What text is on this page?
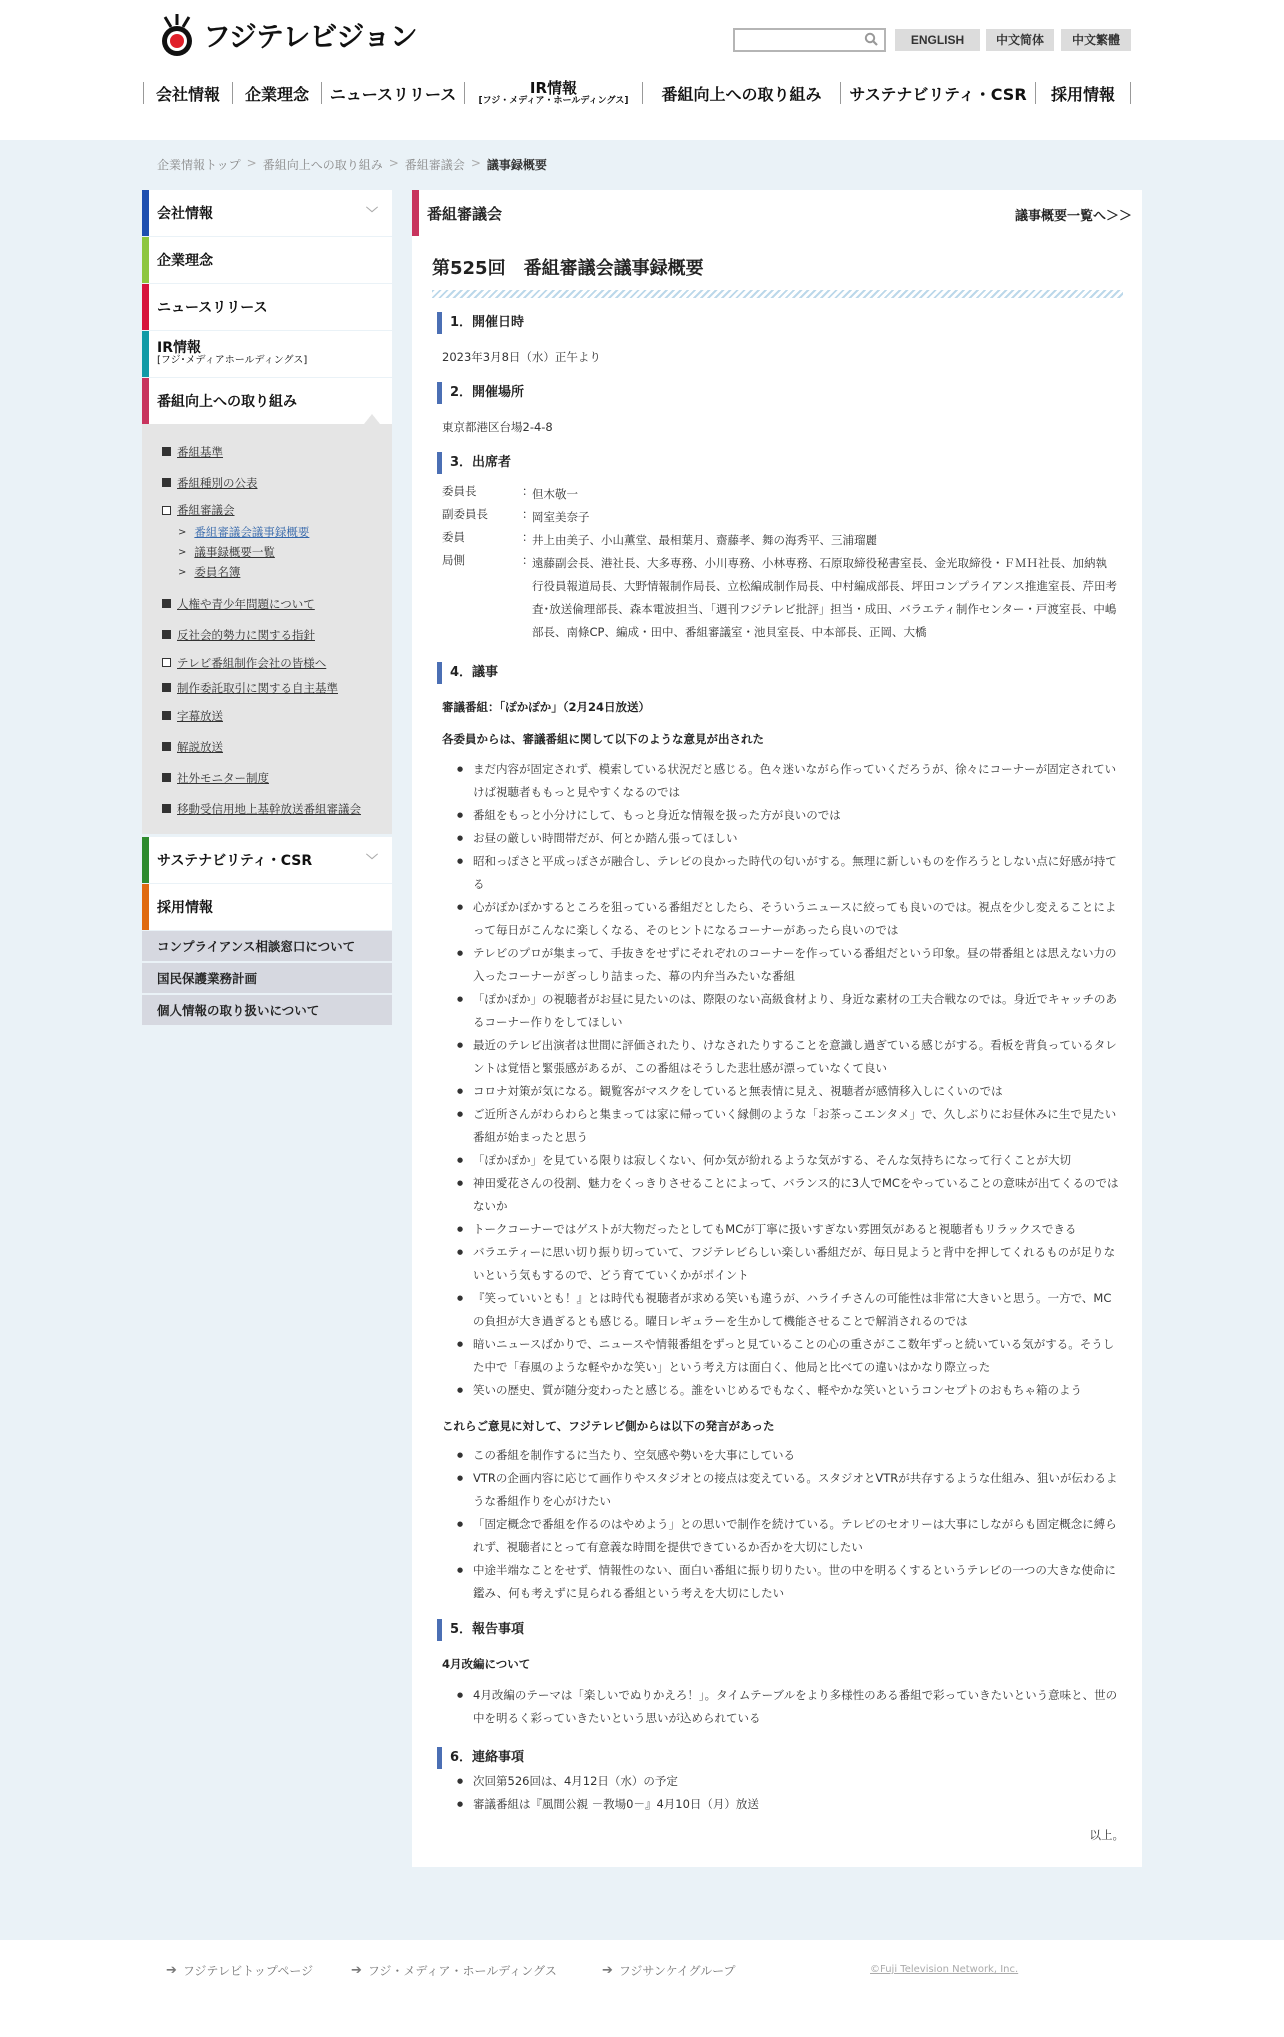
フジテレビジョン	ENGLISH	中文简体	中文繁體
会社情報 企業理念 ニュースリリース	IR情報
[フジ・メディア・ホールディングス] 番組向上への取り組み サステナビリティ・CSR 採用情報
企業情報トップ > 番組向上への取り組み > 番組審議会 > 議事録概要
会社情報	﹀
企業理念
ニュースリリース
IR情報
[フジ･メディアホールディングス]
番組向上への取り組み
番組基準
番組種別の公表
番組審議会
> 番組審議会議事録概要
> 議事録概要一覧
> 委員名簿
人権や青少年問題について
反社会的勢力に関する指針
テレビ番組制作会社の皆様へ
制作委託取引に関する自主基準
字幕放送
解説放送
社外モニター制度
移動受信用地上基幹放送番組審議会
サステナビリティ・CSR	﹀
採用情報
コンプライアンス相談窓口について
国民保護業務計画
個人情報の取り扱いについて
番組審議会	議事概要一覧へ＞＞
第525回　番組審議会議事録概要
1．開催日時
2023年3月8日（水）正午より
2．開催場所
東京都港区台場2-4-8
3．出席者
委員長	：
但木敬一
副委員長	：
岡室美奈子
委員	：
井上由美子、小山薫堂、最相葉月、齋藤孝、舞の海秀平、三浦瑠麗
局側	：
遠藤副会長、港社長、大多専務、小川専務、小林専務、石原取締役秘書室長、金光取締役・ＦＭＨ社長、加納執行役員報道局長、大野情報制作局長、立松編成制作局長、中村編成部長、坪田コンプライアンス推進室長、芹田考査･放送倫理部長、森本電波担当、「週刊フジテレビ批評」担当・成田、バラエティ制作センター・戸渡室長、中嶋部長、南條CP、編成・田中、番組審議室・池貝室長、中本部長、正岡、大橋
4．議事
審議番組：「ぽかぽか」（2月24日放送）
各委員からは、審議番組に関して以下のような意見が出された
● まだ内容が固定されず、模索している状況だと感じる。色々迷いながら作っていくだろうが、徐々にコーナーが固定されていけば視聴者ももっと見やすくなるのでは
● 番組をもっと小分けにして、もっと身近な情報を扱った方が良いのでは
● お昼の厳しい時間帯だが、何とか踏ん張ってほしい
● 昭和っぽさと平成っぽさが融合し、テレビの良かった時代の匂いがする。無理に新しいものを作ろうとしない点に好感が持てる
● 心がぽかぽかするところを狙っている番組だとしたら、そういうニュースに絞っても良いのでは。視点を少し変えることによって毎日がこんなに楽しくなる、そのヒントになるコーナーがあったら良いのでは
● テレビのプロが集まって、手抜きをせずにそれぞれのコーナーを作っている番組だという印象。昼の帯番組とは思えない力の入ったコーナーがぎっしり詰まった、幕の内弁当みたいな番組
● 「ぽかぽか」の視聴者がお昼に見たいのは、際限のない高級食材より、身近な素材の工夫合戦なのでは。身近でキャッチのあるコーナー作りをしてほしい
● 最近のテレビ出演者は世間に評価されたり、けなされたりすることを意識し過ぎている感じがする。看板を背負っているタレントは覚悟と緊張感があるが、この番組はそうした悲壮感が漂っていなくて良い
● コロナ対策が気になる。観覧客がマスクをしていると無表情に見え、視聴者が感情移入しにくいのでは
● ご近所さんがわらわらと集まっては家に帰っていく縁側のような「お茶っこエンタメ」で、久しぶりにお昼休みに生で見たい番組が始まったと思う
● 「ぽかぽか」を見ている限りは寂しくない、何か気が紛れるような気がする、そんな気持ちになって行くことが大切
● 神田愛花さんの役割、魅力をくっきりさせることによって、バランス的に3人でMCをやっていることの意味が出てくるのではないか
● トークコーナーではゲストが大物だったとしてもMCが丁寧に扱いすぎない雰囲気があると視聴者もリラックスできる
● バラエティーに思い切り振り切っていて、フジテレビらしい楽しい番組だが、毎日見ようと背中を押してくれるものが足りないという気もするので、どう育てていくかがポイント
● 『笑っていいとも！』とは時代も視聴者が求める笑いも違うが、ハライチさんの可能性は非常に大きいと思う。一方で、MCの負担が大き過ぎるとも感じる。曜日レギュラーを生かして機能させることで解消されるのでは
● 暗いニュースばかりで、ニュースや情報番組をずっと見ていることの心の重さがここ数年ずっと続いている気がする。そうした中で「春風のような軽やかな笑い」という考え方は面白く、他局と比べての違いはかなり際立った
● 笑いの歴史、質が随分変わったと感じる。誰をいじめるでもなく、軽やかな笑いというコンセプトのおもちゃ箱のよう
これらご意見に対して、フジテレビ側からは以下の発言があった
● この番組を制作するに当たり、空気感や勢いを大事にしている
● VTRの企画内容に応じて画作りやスタジオとの接点は変えている。スタジオとVTRが共存するような仕組み、狙いが伝わるような番組作りを心がけたい
● 「固定概念で番組を作るのはやめよう」との思いで制作を続けている。テレビのセオリーは大事にしながらも固定概念に縛られず、視聴者にとって有意義な時間を提供できているか否かを大切にしたい
● 中途半端なことをせず、情報性のない、面白い番組に振り切りたい。世の中を明るくするというテレビの一つの大きな使命に鑑み、何も考えずに見られる番組という考えを大切にしたい
5．報告事項
4月改編について
● 4月改編のテーマは「楽しいでぬりかえろ！」。タイムテーブルをより多様性のある番組で彩っていきたいという意味と、世の中を明るく彩っていきたいという思いが込められている
6．連絡事項
● 次回第526回は、4月12日（水）の予定
● 審議番組は『風間公親 －教場0－』4月10日（月）放送
以上。
➔ フジテレビトップページ	➔ フジ・メディア・ホールディングス	➔ フジサンケイグループ	©Fuji Television Network, Inc.
